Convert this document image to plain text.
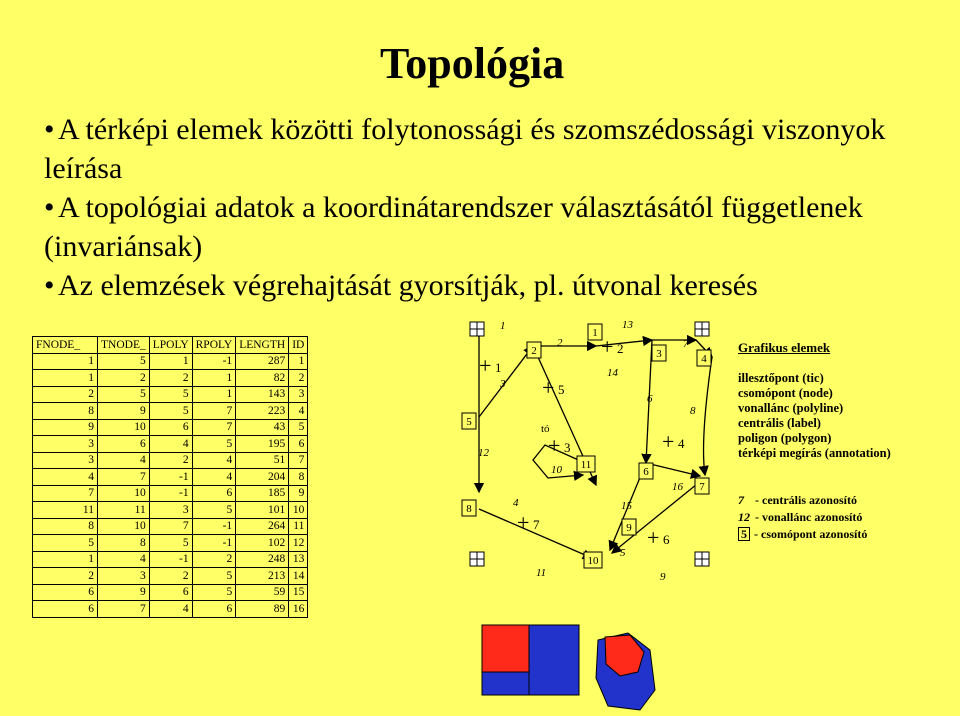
Topológia

• A térképi elemek közötti folytonossági és szomszédossági viszonyok leírása

• A topológiai adatok a koordinátarendszer választásától függetlenek (invariánsak)

• Az elemzések végrehajtását gyorsítják, pl. útvonal keresés

FNODE_	TNODE_	LPOLY	RPOLY	LENGTH	ID
1	5	1	-1	287	1
1	2	2	1	82	2
2	5	5	1	143	3
8	9	5	7	223	4
9	10	6	7	43	5
3	6	4	5	195	6
3	4	2	4	51	7
4	7	-1	4	204	8
7	10	-1	6	185	9
11	11	3	5	101	10
8	10	7	-1	264	11
5	8	5	-1	102	12
1	4	-1	2	248	13
2	3	2	5	213	14
6	9	6	5	59	15
6	7	4	6	89	16
1
2	3	4
5
6
7
8
9
10
11
+ 1
+ 2
+ 3	+ 4
+ 5
+ 6
+ 7
1
2
3
4
5
6
7
8
9
10
11
12
13
14
15
16
tó
Grafikus elemek
illesztőpont (tic)
csomópont (node)
vonallánc (polyline)
centrális (label)
poligon (polygon)
térképi megírás (annotation)
7 - centrális azonosító
12 - vonallánc azonosító
5 - csomópont azonosító
